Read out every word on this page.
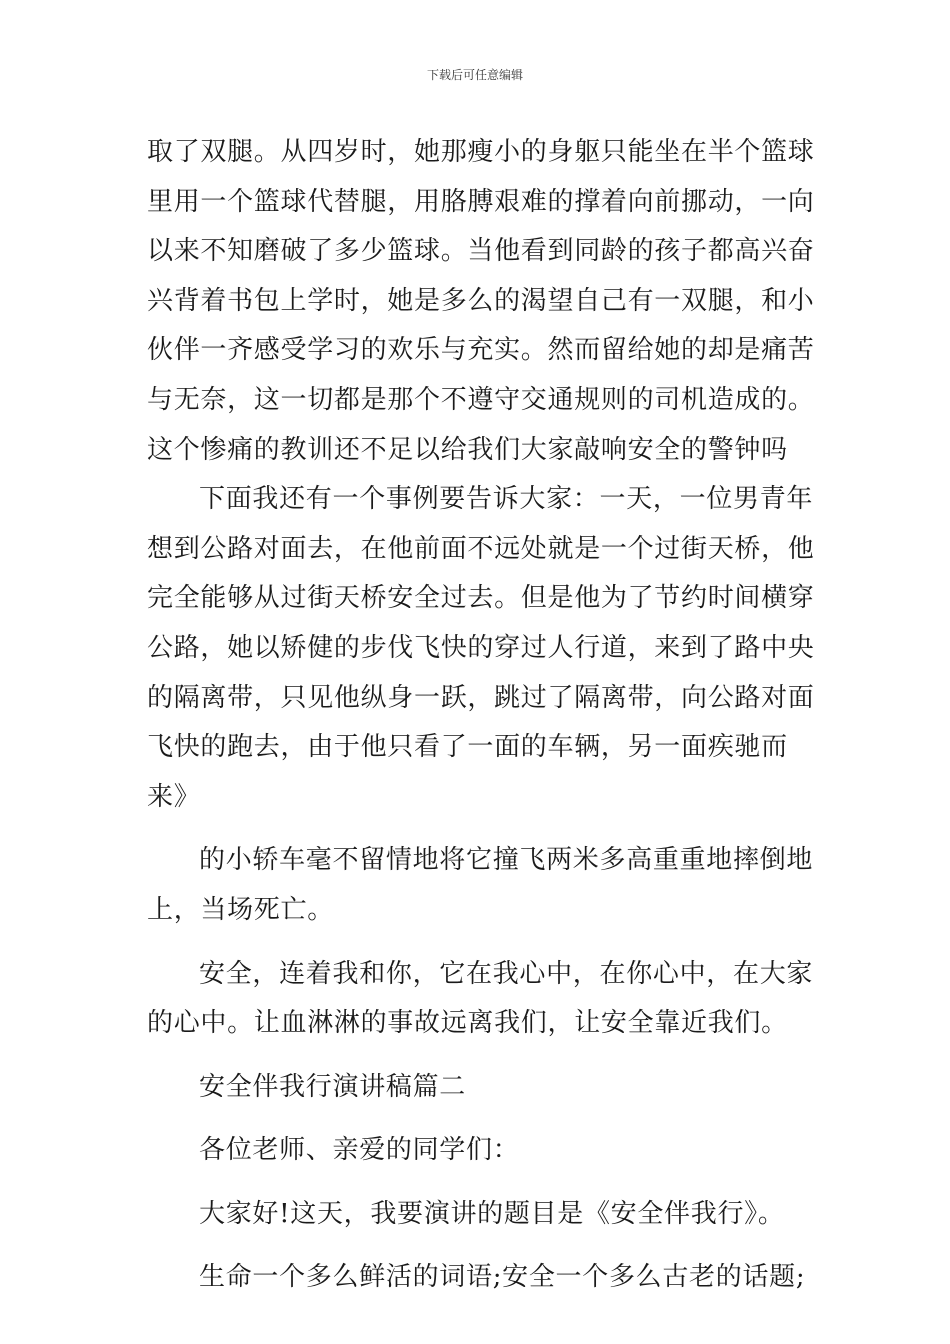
下载后可任意编辑
取了双腿。从四岁时，她那瘦小的身躯只能坐在半个篮球
里用一个篮球代替腿，用胳膊艰难的撑着向前挪动，一向
以来不知磨破了多少篮球。当他看到同龄的孩子都高兴奋
兴背着书包上学时，她是多么的渴望自己有一双腿，和小
伙伴一齐感受学习的欢乐与充实。然而留给她的却是痛苦
与无奈，这一切都是那个不遵守交通规则的司机造成的。
这个惨痛的教训还不足以给我们大家敲响安全的警钟吗
下面我还有一个事例要告诉大家：一天，一位男青年
想到公路对面去，在他前面不远处就是一个过街天桥，他
完全能够从过街天桥安全过去。但是他为了节约时间横穿
公路，她以矫健的步伐飞快的穿过人行道，来到了路中央
的隔离带，只见他纵身一跃，跳过了隔离带，向公路对面
飞快的跑去，由于他只看了一面的车辆，另一面疾驰而
来》
的小轿车毫不留情地将它撞飞两米多高重重地摔倒地
上，当场死亡。
安全，连着我和你，它在我心中，在你心中，在大家
的心中。让血淋淋的事故远离我们，让安全靠近我们。
安全伴我行演讲稿篇二
各位老师、亲爱的同学们：
大家好!这天，我要演讲的题目是《安全伴我行》。
生命一个多么鲜活的词语;安全一个多么古老的话题;
